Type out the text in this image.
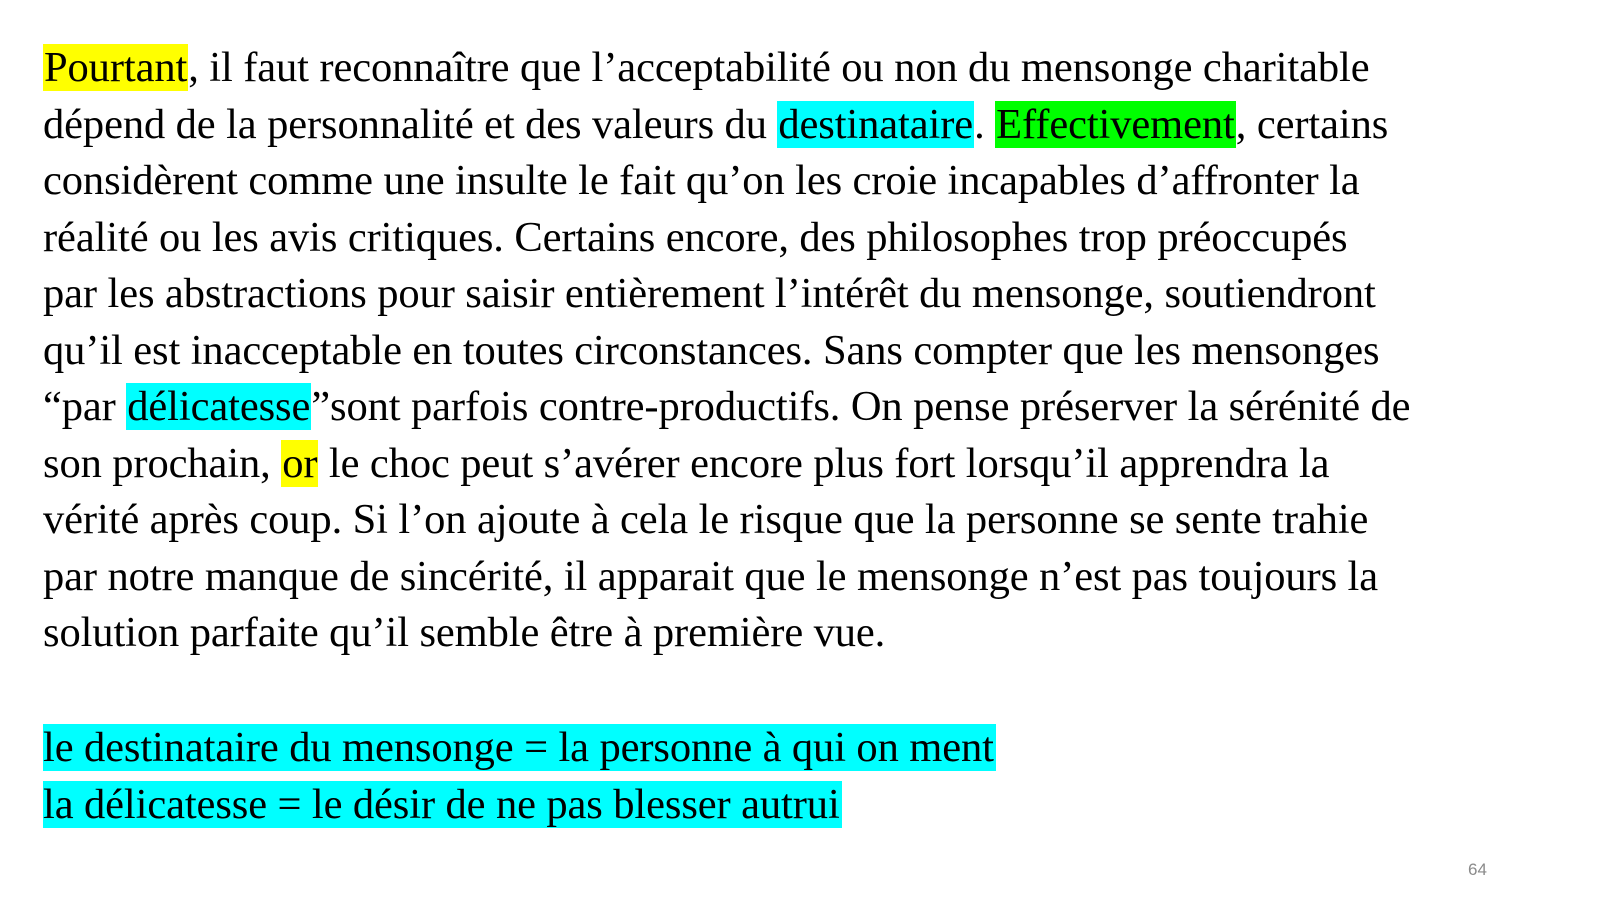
Pourtant, il faut reconnaître que l’acceptabilité ou non du mensonge charitable
dépend de la personnalité et des valeurs du destinataire. Effectivement, certains
considèrent comme une insulte le fait qu’on les croie incapables d’affronter la
réalité ou les avis critiques. Certains encore, des philosophes trop préoccupés
par les abstractions pour saisir entièrement l’intérêt du mensonge, soutiendront
qu’il est inacceptable en toutes circonstances. Sans compter que les mensonges
“par délicatesse”sont parfois contre-productifs. On pense préserver la sérénité de
son prochain, or le choc peut s’avérer encore plus fort lorsqu’il apprendra la
vérité après coup. Si l’on ajoute à cela le risque que la personne se sente trahie
par notre manque de sincérité, il apparait que le mensonge n’est pas toujours la
solution parfaite qu’il semble être à première vue.
le destinataire du mensonge = la personne à qui on ment
la délicatesse = le désir de ne pas blesser autrui
64
